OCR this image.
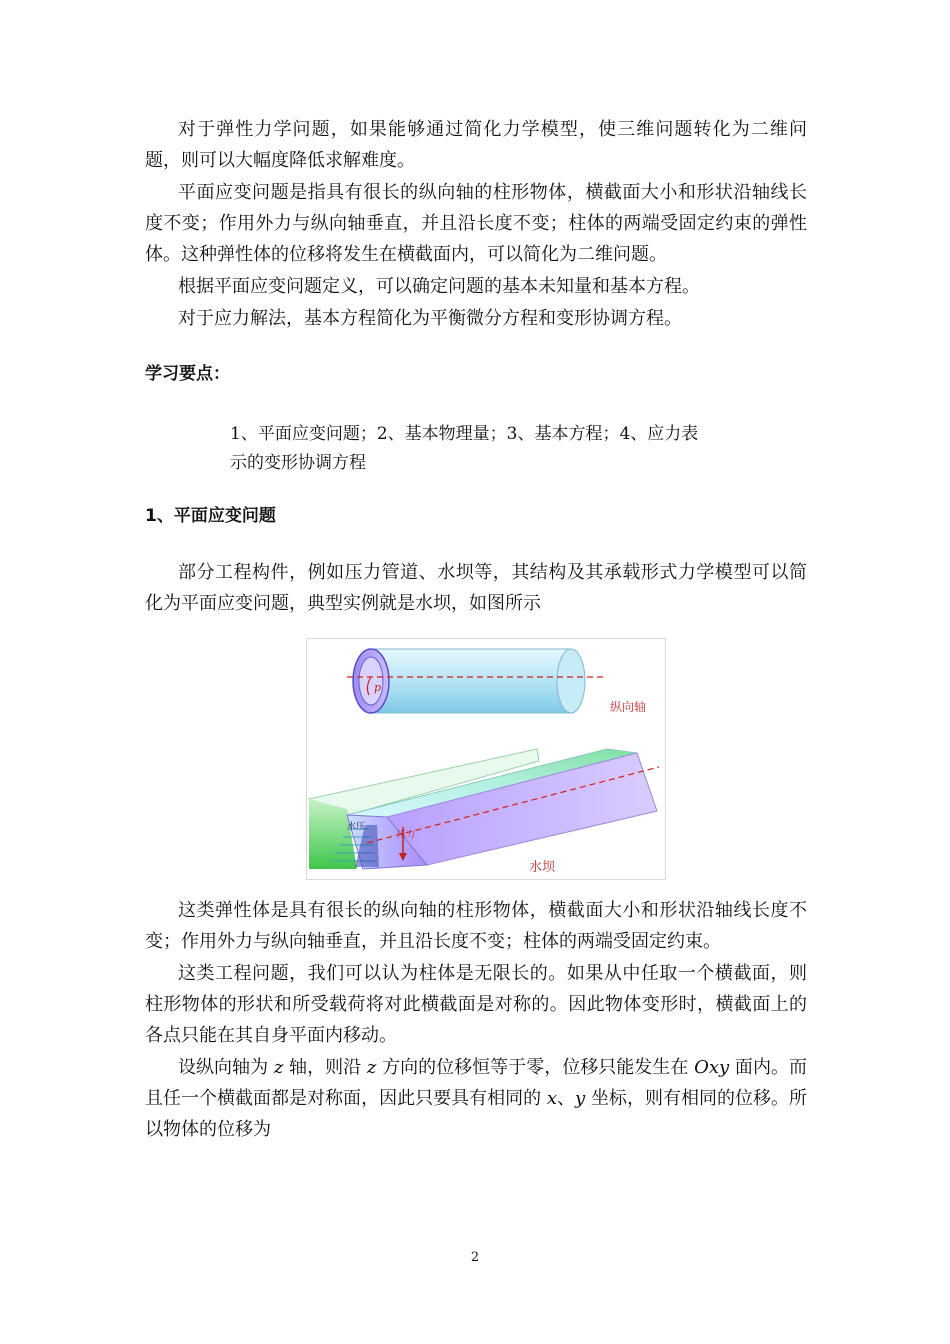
对于弹性力学问题，如果能够通过简化力学模型，使三维问题转化为二维问题，则可以大幅度降低求解难度。

平面应变问题是指具有很长的纵向轴的柱形物体，横截面大小和形状沿轴线长度不变；作用外力与纵向轴垂直，并且沿长度不变；柱体的两端受固定约束的弹性体。这种弹性体的位移将发生在横截面内，可以简化为二维问题。

根据平面应变问题定义，可以确定问题的基本未知量和基本方程。

对于应力解法，基本方程简化为平衡微分方程和变形协调方程。

学习要点：

1、平面应变问题；2、基本物理量；3、基本方程；4、应力表
示的变形协调方程

1、平面应变问题

部分工程构件，例如压力管道、水坝等，其结构及其承载形式力学模型可以简化为平面应变问题，典型实例就是水坝，如图所示

p
纵向轴
水压
压力
水坝

这类弹性体是具有很长的纵向轴的柱形物体，横截面大小和形状沿轴线长度不变；作用外力与纵向轴垂直，并且沿长度不变；柱体的两端受固定约束。

这类工程问题，我们可以认为柱体是无限长的。如果从中任取一个横截面，则柱形物体的形状和所受载荷将对此横截面是对称的。因此物体变形时，横截面上的各点只能在其自身平面内移动。

设纵向轴为 z 轴，则沿 z 方向的位移恒等于零，位移只能发生在 Oxy 面内。而且任一个横截面都是对称面，因此只要具有相同的 x、y 坐标，则有相同的位移。所以物体的位移为

2
